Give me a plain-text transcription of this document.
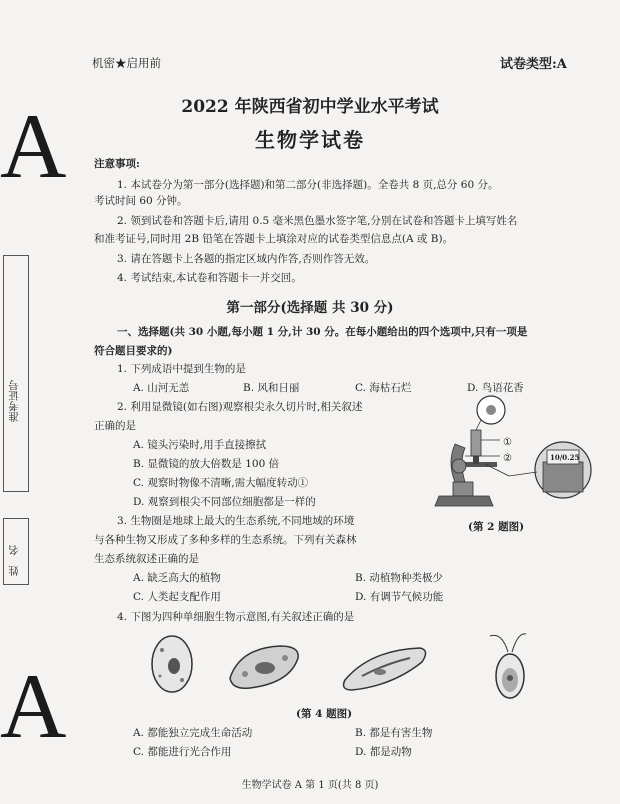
A
A
准考证号
姓名
机密★启用前	试卷类型:A
2022 年陕西省初中学业水平考试
生物学试卷
注意事项:
1. 本试卷分为第一部分(选择题)和第二部分(非选择题)。全卷共 8 页,总分 60 分。
考试时间 60 分钟。
2. 领到试卷和答题卡后,请用 0.5 毫米黑色墨水签字笔,分别在试卷和答题卡上填写姓名
和准考证号,同时用 2B 铅笔在答题卡上填涂对应的试卷类型信息点(A 或 B)。
3. 请在答题卡上各题的指定区域内作答,否则作答无效。
4. 考试结束,本试卷和答题卡一并交回。
第一部分(选择题 共 30 分)
一、选择题(共 30 小题,每小题 1 分,计 30 分。在每小题给出的四个选项中,只有一项是
符合题目要求的)
1. 下列成语中提到生物的是
A. 山河无恙	B. 风和日丽	C. 海枯石烂	D. 鸟语花香
2. 利用显微镜(如右图)观察根尖永久切片时,相关叙述
正确的是
A. 镜头污染时,用手直接擦拭
B. 显微镜的放大倍数是 100 倍
C. 观察时物像不清晰,需大幅度转动①
D. 观察到根尖不同部位细胞都是一样的
①
②	10/0.25
(第 2 题图)
3. 生物圈是地球上最大的生态系统,不同地域的环境
与各种生物又形成了多种多样的生态系统。下列有关森林
生态系统叙述正确的是
A. 缺乏高大的植物	B. 动植物种类极少
C. 人类起支配作用	D. 有调节气候功能
4. 下图为四种单细胞生物示意图,有关叙述正确的是
(第 4 题图)
A. 都能独立完成生命活动	B. 都是有害生物
C. 都能进行光合作用	D. 都是动物
生物学试卷 A 第 1 页(共 8 页)
